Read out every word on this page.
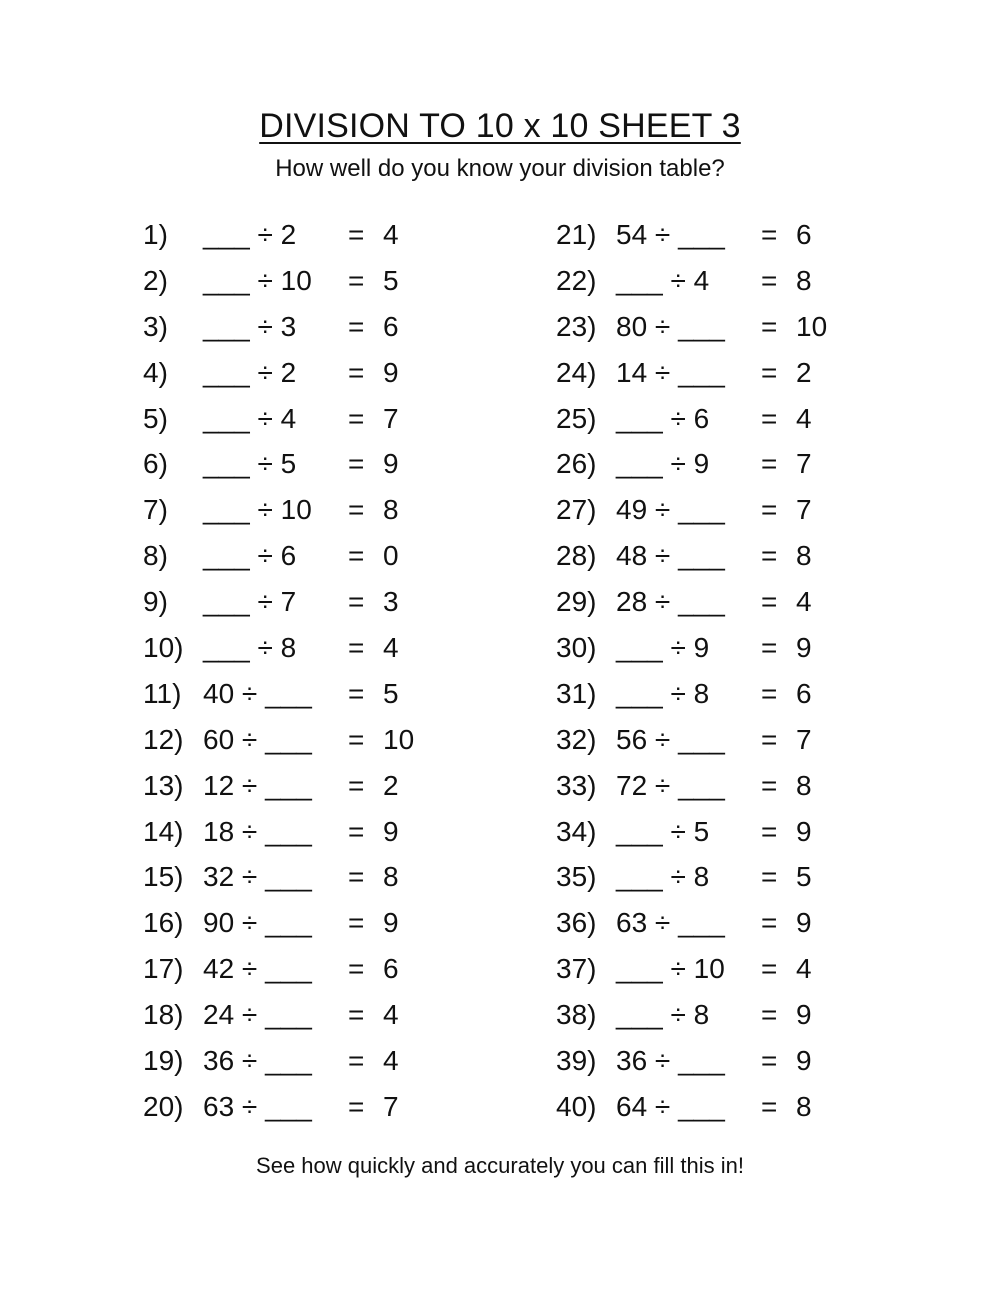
DIVISION TO 10 x 10 SHEET 3
How well do you know your division table?
1) ___ ÷ 2 = 4
2) ___ ÷ 10 = 5
3) ___ ÷ 3 = 6
4) ___ ÷ 2 = 9
5) ___ ÷ 4 = 7
6) ___ ÷ 5 = 9
7) ___ ÷ 10 = 8
8) ___ ÷ 6 = 0
9) ___ ÷ 7 = 3
10) ___ ÷ 8 = 4
11) 40 ÷ ___ = 5
12) 60 ÷ ___ = 10
13) 12 ÷ ___ = 2
14) 18 ÷ ___ = 9
15) 32 ÷ ___ = 8
16) 90 ÷ ___ = 9
17) 42 ÷ ___ = 6
18) 24 ÷ ___ = 4
19) 36 ÷ ___ = 4
20) 63 ÷ ___ = 7
21) 54 ÷ ___ = 6
22) ___ ÷ 4 = 8
23) 80 ÷ ___ = 10
24) 14 ÷ ___ = 2
25) ___ ÷ 6 = 4
26) ___ ÷ 9 = 7
27) 49 ÷ ___ = 7
28) 48 ÷ ___ = 8
29) 28 ÷ ___ = 4
30) ___ ÷ 9 = 9
31) ___ ÷ 8 = 6
32) 56 ÷ ___ = 7
33) 72 ÷ ___ = 8
34) ___ ÷ 5 = 9
35) ___ ÷ 8 = 5
36) 63 ÷ ___ = 9
37) ___ ÷ 10 = 4
38) ___ ÷ 8 = 9
39) 36 ÷ ___ = 9
40) 64 ÷ ___ = 8
See how quickly and accurately you can fill this in!
